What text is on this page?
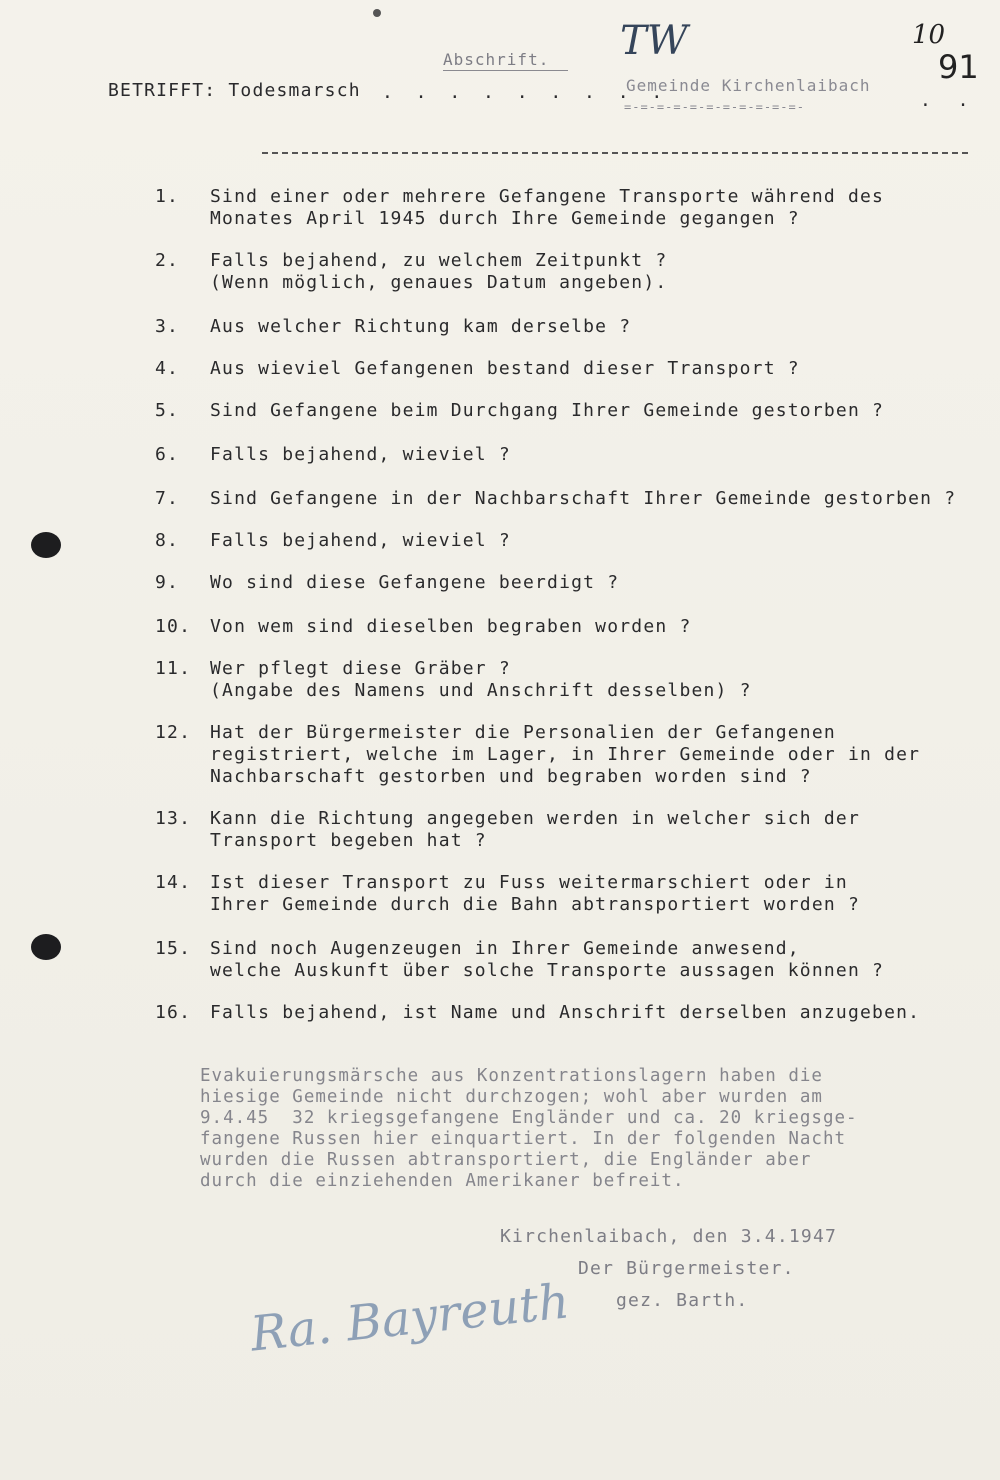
Abschrift. TW	10
91
BETRIFFT: Todesmarsch . . . . . . . . .
Gemeinde Kirchenlaibach
=-=-=-=-=-=-=-=-=-=-=-	. .
1.	Sind einer oder mehrere Gefangene Transporte während des
Monates April 1945 durch Ihre Gemeinde gegangen ?
2.	Falls bejahend, zu welchem Zeitpunkt ?
(Wenn möglich, genaues Datum angeben).
3.	Aus welcher Richtung kam derselbe ?
4.	Aus wieviel Gefangenen bestand dieser Transport ?
5.	Sind Gefangene beim Durchgang Ihrer Gemeinde gestorben ?
6.	Falls bejahend, wieviel ?
7.	Sind Gefangene in der Nachbarschaft Ihrer Gemeinde gestorben ?
8.	Falls bejahend, wieviel ?
9.	Wo sind diese Gefangene beerdigt ?
10.	Von wem sind dieselben begraben worden ?
11.	Wer pflegt diese Gräber ?
(Angabe des Namens und Anschrift desselben) ?
12.	Hat der Bürgermeister die Personalien der Gefangenen
registriert, welche im Lager, in Ihrer Gemeinde oder in der
Nachbarschaft gestorben und begraben worden sind ?
13.	Kann die Richtung angegeben werden in welcher sich der
Transport begeben hat ?
14.	Ist dieser Transport zu Fuss weitermarschiert oder in
Ihrer Gemeinde durch die Bahn abtransportiert worden ?
15.	Sind noch Augenzeugen in Ihrer Gemeinde anwesend,
welche Auskunft über solche Transporte aussagen können ?
16.	Falls bejahend, ist Name und Anschrift derselben anzugeben.
Evakuierungsmärsche aus Konzentrationslagern haben die
hiesige Gemeinde nicht durchzogen; wohl aber wurden am
9.4.45  32 kriegsgefangene Engländer und ca. 20 kriegsge-
fangene Russen hier einquartiert. In der folgenden Nacht
wurden die Russen abtransportiert, die Engländer aber
durch die einziehenden Amerikaner befreit.
Kirchenlaibach, den 3.4.1947
Der Bürgermeister.
gez. Barth.
Ra. Bayreuth
